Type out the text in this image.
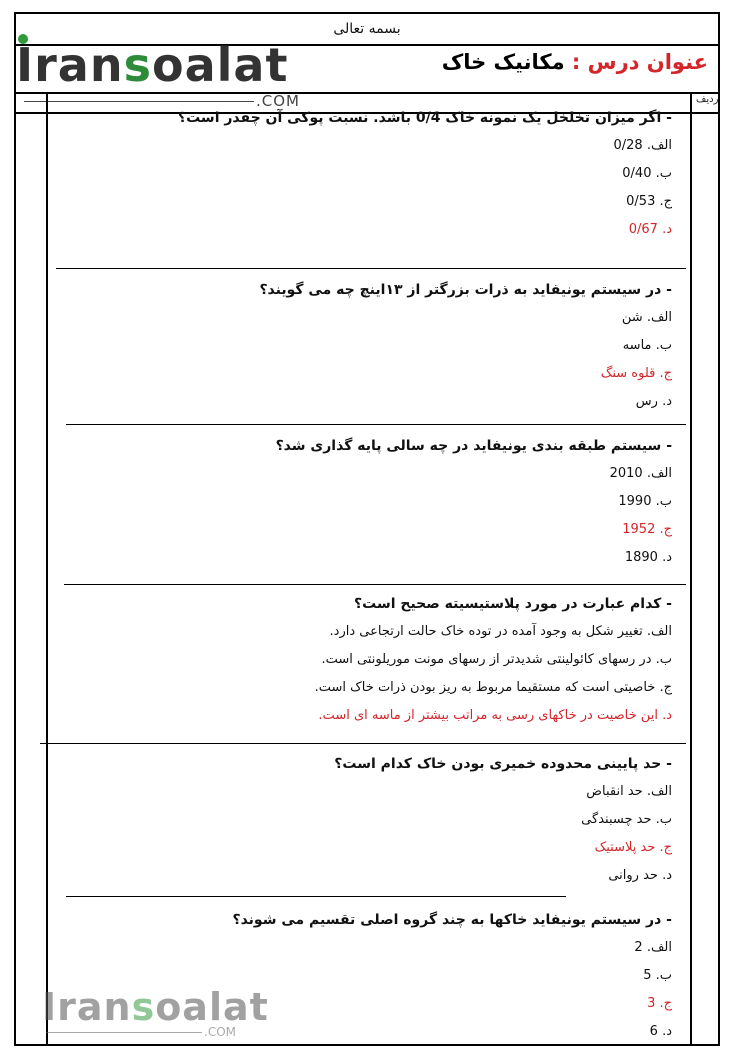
بسمه تعالی
Iransoalat
.COM
عنوان درس : مکانیک خاک
ردیف
- اگر میزان تخلخل یک نمونه خاک 0/4 باشد. نسبت پوکی آن چقدر است؟
الف. 0/28
ب. 0/40
ج. 0/53
د. 0/67
- در سیستم یونیفاید به ذرات بزرگتر از ۱۳اینچ چه می گویند؟
الف. شن
ب. ماسه
ج. قلوه سنگ
د. رس
- سیستم طبقه بندی یونیفاید در چه سالی پایه گذاری شد؟
الف. 2010
ب. 1990
ج. 1952
د. 1890
- کدام عبارت در مورد پلاستیسیته صحیح است؟
الف. تغییر شکل به وجود آمده در توده خاک حالت ارتجاعی دارد.
ب. در رسهای کائولینتی شدیدتر از رسهای مونت موریلونتی است.
ج. خاصیتی است که مستقیما مربوط به ریز بودن ذرات خاک است.
د. این خاصیت در خاکهای رسی به مراتب بیشتر از ماسه ای است.
- حد پایینی محدوده خمیری بودن خاک کدام است؟
الف. حد انقباض
ب. حد چسبندگی
ج. حد پلاستیک
د. حد روانی
- در سیستم یونیفاید خاکها به چند گروه اصلی تقسیم می شوند؟
الف. 2
ب. 5
ج. 3
د. 6
Iransoalat
.COM
